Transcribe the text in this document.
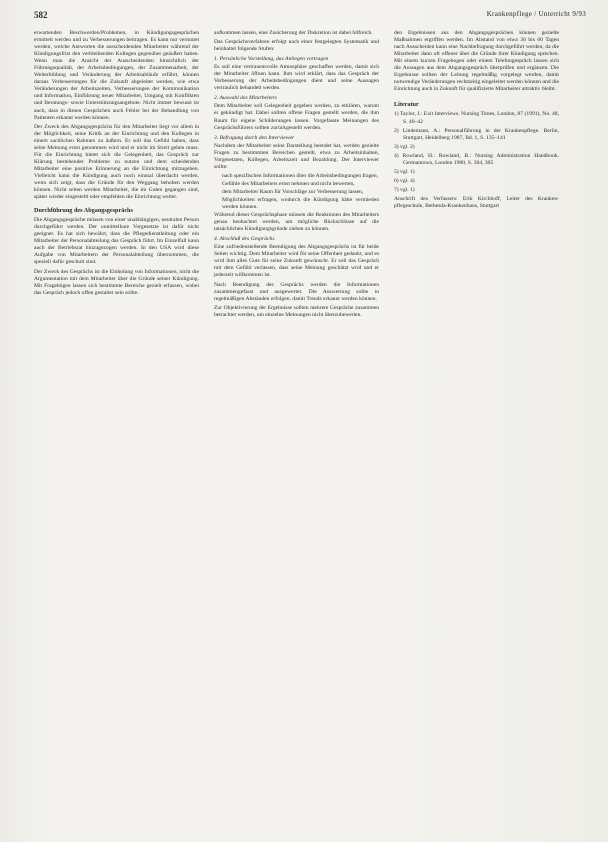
582	Krankenpflege / Unterricht 9/93

erwartenden Beschwerden/Problemen, in Kündigungsgesprächen ermittelt werden und zu Verbesserungen beitragen. Es kann nur vermutet werden, welche Antworten die ausscheidenden Mitarbeiter während der Kündigungsfrist den verbleibenden Kollegen gegenüber geäußert haben. Wenn man die Ansicht der Ausscheidenden hinsichtlich der Führungsqualität, der Arbeitsbedingungen, der Zusammenarbeit, der Weiterbildung und Veränderung der Arbeitsabläufe erfährt, können daraus Verbesserungen für die Zukunft abgeleitet werden, wie etwa Veränderungen der Arbeitszeiten, Verbesserungen der Kommunikation und Information, Einführung neuer Mitarbeiter, Umgang mit Konflikten und Beratungs- sowie Unterstützungsangebote. Nicht immer bewusst ist auch, dass in diesen Gesprächen auch Fehler bei der Behandlung von Patienten erkannt werden können.

Der Zweck des Abgangsgesprächs für den Mitarbeiter liegt vor allem in der Möglichkeit, seine Kritik an der Einrichtung und den Kollegen in einem sachlichen Rahmen zu äußern. Er soll das Gefühl haben, dass seine Meinung ernst genommen wird und er nicht im Streit gehen muss. Für die Einrichtung bietet sich die Gelegenheit, das Gespräch zur Klärung bestehender Probleme zu nutzen und dem scheidenden Mitarbeiter eine positive Erinnerung an die Einrichtung mitzugeben. Vielleicht kann die Kündigung auch noch einmal überdacht werden, wenn sich zeigt, dass die Gründe für den Weggang behoben werden können. Nicht selten werden Mitarbeiter, die im Guten gegangen sind, später wieder eingestellt oder empfehlen die Einrichtung weiter.

Durchführung des Abgangsgesprächs

Die Abgangsgespräche müssen von einer unabhängigen, neutralen Person durchgeführt werden. Der unmittelbare Vorgesetzte ist dafür nicht geeignet. Es hat sich bewährt, dass die Pflegedienstleitung oder ein Mitarbeiter der Personalabteilung das Gespräch führt. Im Einzelfall kann auch der Betriebsrat hinzugezogen werden. In den USA wird diese Aufgabe von Mitarbeitern der Personalabteilung übernommen, die speziell dafür geschult sind.

Der Zweck des Gesprächs ist die Einholung von Informationen, nicht die Argumentation mit dem Mitarbeiter über die Gründe seiner Kündigung. Mit Fragebögen lassen sich bestimmte Bereiche gezielt erfassen, wobei das Gespräch jedoch offen gestaltet sein sollte.

aufkommen lassen, eine Zusicherung der Diskretion ist dabei hilfreich.

Das Gesprächsverfahren erfolgt nach einer festgelegten Systematik und beinhaltet folgende Stufen:

1. Persönliche Vorstellung, das Anliegen vortragen

Es soll eine vertrauensvolle Atmosphäre geschaffen werden, damit sich der Mitarbeiter öffnen kann. Ihm wird erklärt, dass das Gespräch der Verbesserung der Arbeitsbedingungen dient und seine Aussagen vertraulich behandelt werden.

2. Auswahl des Mitarbeiters

Dem Mitarbeiter soll Gelegenheit gegeben werden, zu erklären, warum er gekündigt hat. Dabei sollten offene Fragen gestellt werden, die ihm Raum für eigene Schilderungen lassen. Vorgefasste Meinungen des Gesprächsführers sollten zurückgestellt werden.

3. Befragung durch den Interviewer

Nachdem der Mitarbeiter seine Darstellung beendet hat, werden gezielte Fragen zu bestimmten Bereichen gestellt, etwa zu Arbeitsinhalten, Vorgesetzten, Kollegen, Arbeitszeit und Bezahlung. Der Interviewer sollte:

nach spezifischen Informationen über die Arbeitsbedingungen fragen,
Gefühle des Mitarbeiters ernst nehmen und nicht bewerten,
dem Mitarbeiter Raum für Vorschläge zur Verbesserung lassen,
Möglichkeiten erfragen, wodurch die Kündigung hätte vermieden werden können.

Während dieser Gesprächsphase müssen die Reaktionen des Mitarbeiters genau beobachtet werden, um mögliche Rückschlüsse auf die tatsächlichen Kündigungsgründe ziehen zu können.

4. Abschluß des Gesprächs

Eine zufriedenstellende Beendigung des Abgangsgesprächs ist für beide Seiten wichtig. Dem Mitarbeiter wird für seine Offenheit gedankt, und es wird ihm alles Gute für seine Zukunft gewünscht. Er soll das Gespräch mit dem Gefühl verlassen, dass seine Meinung geschätzt wird und er jederzeit willkommen ist.

Nach Beendigung des Gesprächs werden die Informationen zusammengefasst und ausgewertet. Die Auswertung sollte in regelmäßigen Abständen erfolgen, damit Trends erkannt werden können.

Zur Objektivierung der Ergebnisse sollten mehrere Gespräche zusammen betrachtet werden, um einzelne Meinungen nicht überzubewerten.

den Ergebnissen aus den Abgangsgesprächen können gezielte Maßnahmen ergriffen werden. Im Abstand von etwa 30 bis 60 Tagen nach Ausscheiden kann eine Nachbefragung durchgeführt werden, da die Mitarbeiter dann oft offener über die Gründe ihrer Kündigung sprechen. Mit einem kurzen Fragebogen oder einem Telefongespräch lassen sich die Aussagen aus dem Abgangsgespräch überprüfen und ergänzen. Die Ergebnisse sollten der Leitung regelmäßig vorgelegt werden, damit notwendige Veränderungen rechtzeitig eingeleitet werden können und die Einrichtung auch in Zukunft für qualifizierte Mitarbeiter attraktiv bleibt.

Literatur
1) Taylor, J.: Exit Interviews. Nursing Times, London, 87 (1991), No. 48, S. 40–42
2) Lindemann, A.: Personalführung in der Krankenpflege. Berlin, Stuttgart, Heidelberg 1987, Bd. 1, S. 135–141
3) vgl. 2)
4) Rowland, H.: Rowland, B.: Nursing Administration Handbook. Germantown, London 1980, S. 304, 305
5) vgl. 1)
6) vgl. 4)
7) vgl. 1)

Anschrift des Verfassers: Erik Kirchhoff, Leiter des Krankenpflegeschule, Bethesda-Krankenhaus, Stuttgart
